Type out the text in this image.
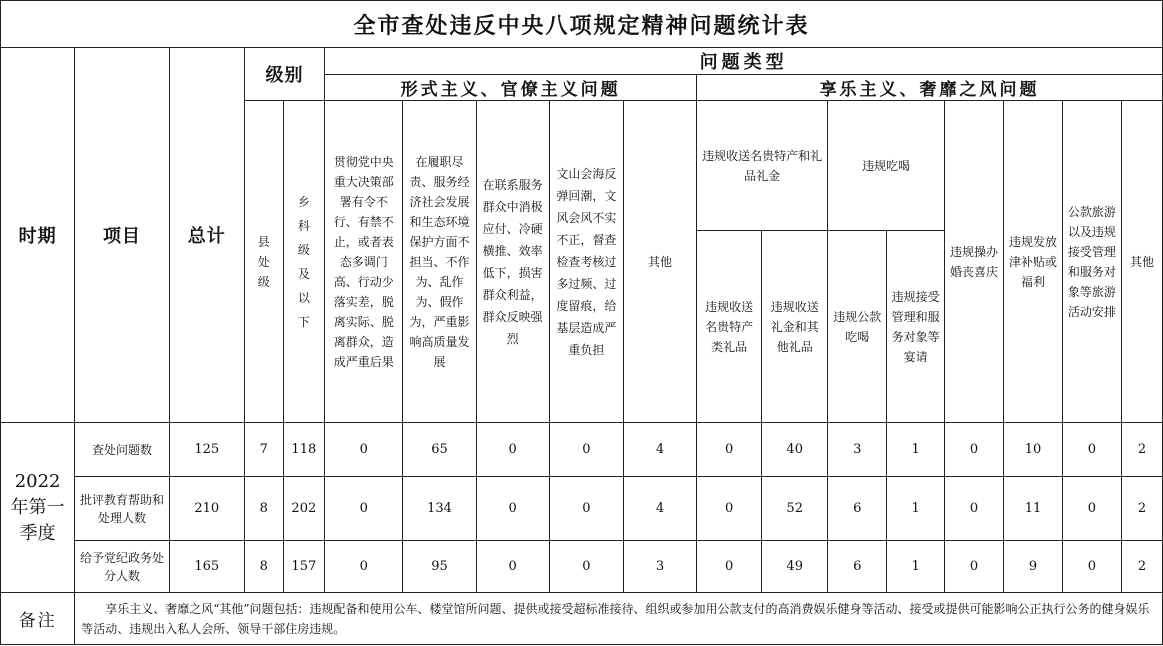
全市查处违反中央八项规定精神问题统计表																	
时期	项目	总计	级别		问题类型												
					形式主义、官僚主义问题					享乐主义、奢靡之风问题							

			县处级	乡科级及以下	贯彻党中央重大决策部署有令不行、有禁不止，或者表态多调门高、行动少落实差，脱离实际、脱离群众，造成严重后果	在履职尽责、服务经济社会发展和生态环境保护方面不担当、不作为、乱作为、假作为，严重影响高质量发展	在联系服务群众中消极应付、冷硬横推、效率低下，损害群众利益，群众反映强烈	文山会海反弹回潮，文风会风不实不正，督查检查考核过多过频、过度留痕，给基层造成严重负担	其他	违规收送名贵特产和礼品礼金		违规吃喝		违规操办婚丧喜庆	违规发放津补贴或福利	公款旅游以及违规接受管理和服务对象等旅游活动安排	其他
										违规收送名贵特产类礼品	违规收送礼金和其他礼品	违规公款吃喝	违规接受管理和服务对象等宴请				

2022年第一季度	查处问题数	125	7	118	0	65	0	0	4	0	40	3	1	0	10	0	2
	批评教育帮助和处理人数	210	8	202	0	134	0	0	4	0	52	6	1	0	11	0	2
	给予党纪政务处分人数	165	8	157	0	95	0	0	3	0	49	6	1	0	9	0	2
备注	享乐主义、奢靡之风“其他”问题包括：违规配备和使用公车、楼堂馆所问题、提供或接受超标准接待、组织或参加用公款支付的高消费娱乐健身等活动、接受或提供可能影响公正执行公务的健身娱乐等活动、违规出入私人会所、领导干部住房违规。																
